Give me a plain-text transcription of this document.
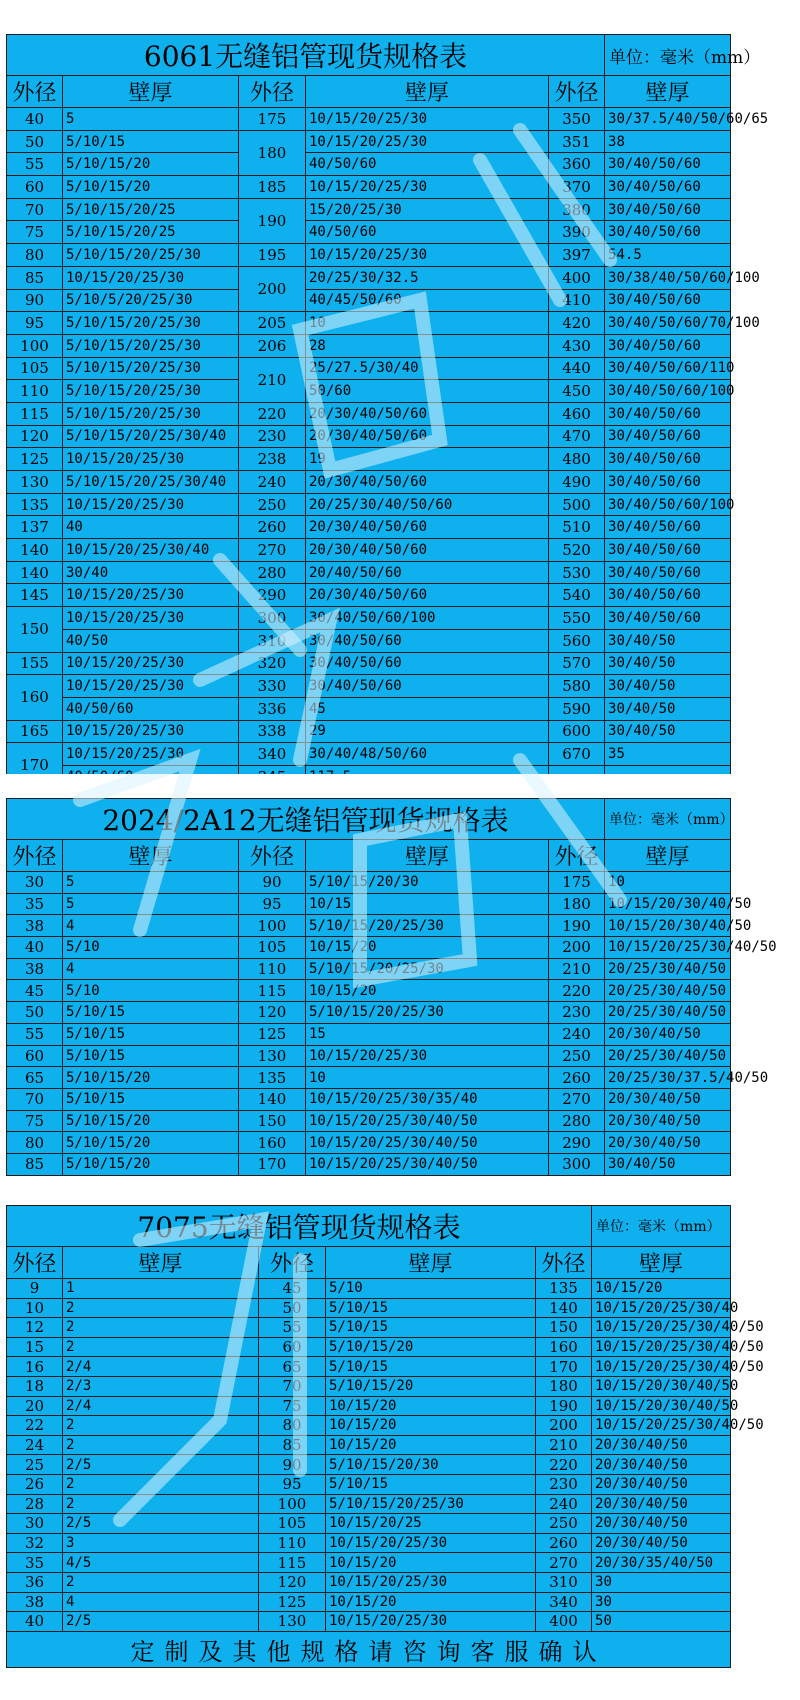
6061无缝铝管现货规格表					单位：毫米（mm）
外径	壁厚	外径	壁厚	外径	壁厚
40	5	175	10/15/20/25/30	350	30/37.5/40/50/60/65
50	5/10/15	180	10/15/20/25/30	351	38
55	5/10/15/20		40/50/60	360	30/40/50/60
60	5/10/15/20	185	10/15/20/25/30	370	30/40/50/60
70	5/10/15/20/25	190	15/20/25/30	380	30/40/50/60
75	5/10/15/20/25		40/50/60	390	30/40/50/60
80	5/10/15/20/25/30	195	10/15/20/25/30	397	54.5
85	10/15/20/25/30	200	20/25/30/32.5	400	30/38/40/50/60/100
90	5/10/5/20/25/30		40/45/50/60	410	30/40/50/60
95	5/10/15/20/25/30	205	10	420	30/40/50/60/70/100
100	5/10/15/20/25/30	206	28	430	30/40/50/60
105	5/10/15/20/25/30	210	25/27.5/30/40	440	30/40/50/60/110
110	5/10/15/20/25/30		50/60	450	30/40/50/60/100
115	5/10/15/20/25/30	220	20/30/40/50/60	460	30/40/50/60
120	5/10/15/20/25/30/40	230	20/30/40/50/60	470	30/40/50/60
125	10/15/20/25/30	238	19	480	30/40/50/60
130	5/10/15/20/25/30/40	240	20/30/40/50/60	490	30/40/50/60
135	10/15/20/25/30	250	20/25/30/40/50/60	500	30/40/50/60/100
137	40	260	20/30/40/50/60	510	30/40/50/60
140	10/15/20/25/30/40	270	20/30/40/50/60	520	30/40/50/60
140	30/40	280	20/40/50/60	530	30/40/50/60
145	10/15/20/25/30	290	20/30/40/50/60	540	30/40/50/60
150	10/15/20/25/30	300	30/40/50/60/100	550	30/40/50/60
	40/50	310	30/40/50/60	560	30/40/50
155	10/15/20/25/30	320	30/40/50/60	570	30/40/50
160	10/15/20/25/30	330	30/40/50/60	580	30/40/50
	40/50/60	336	45	590	30/40/50
165	10/15/20/25/30	338	29	600	30/40/50
170	10/15/20/25/30	340	30/40/48/50/60	670	35

2024/2A12无缝铝管现货规格表					单位：毫米（mm）
外径	壁厚	外径	壁厚	外径	壁厚
30	5	90	5/10/15/20/30	175	10
35	5	95	10/15	180	10/15/20/30/40/50
38	4	100	5/10/15/20/25/30	190	10/15/20/30/40/50
40	5/10	105	10/15/20	200	10/15/20/25/30/40/50
38	4	110	5/10/15/20/25/30	210	20/25/30/40/50
45	5/10	115	10/15/20	220	20/25/30/40/50
50	5/10/15	120	5/10/15/20/25/30	230	20/25/30/40/50
55	5/10/15	125	15	240	20/30/40/50
60	5/10/15	130	10/15/20/25/30	250	20/25/30/40/50
65	5/10/15/20	135	10	260	20/25/30/37.5/40/50
70	5/10/15	140	10/15/20/25/30/35/40	270	20/30/40/50
75	5/10/15/20	150	10/15/20/25/30/40/50	280	20/30/40/50
80	5/10/15/20	160	10/15/20/25/30/40/50	290	20/30/40/50
85	5/10/15/20	170	10/15/20/25/30/40/50	300	30/40/50
7075无缝铝管现货规格表					单位：毫米（mm）
外径	壁厚	外径	壁厚	外径	壁厚
9	1	45	5/10	135	10/15/20
10	2	50	5/10/15	140	10/15/20/25/30/40
12	2	55	5/10/15	150	10/15/20/25/30/40/50
15	2	60	5/10/15/20	160	10/15/20/25/30/40/50
16	2/4	65	5/10/15	170	10/15/20/25/30/40/50
18	2/3	70	5/10/15/20	180	10/15/20/30/40/50
20	2/4	75	10/15/20	190	10/15/20/30/40/50
22	2	80	10/15/20	200	10/15/20/25/30/40/50
24	2	85	10/15/20	210	20/30/40/50
25	2/5	90	5/10/15/20/30	220	20/30/40/50
26	2	95	5/10/15	230	20/30/40/50
28	2	100	5/10/15/20/25/30	240	20/30/40/50
30	2/5	105	10/15/20/25	250	20/30/40/50
32	3	110	10/15/20/25/30	260	20/30/40/50
35	4/5	115	10/15/20	270	20/30/35/40/50
36	2	120	10/15/20/25/30	310	30
38	4	125	10/15/20	340	30
40	2/5	130	10/15/20/25/30	400	50
定制及其他规格请咨询客服确认					
